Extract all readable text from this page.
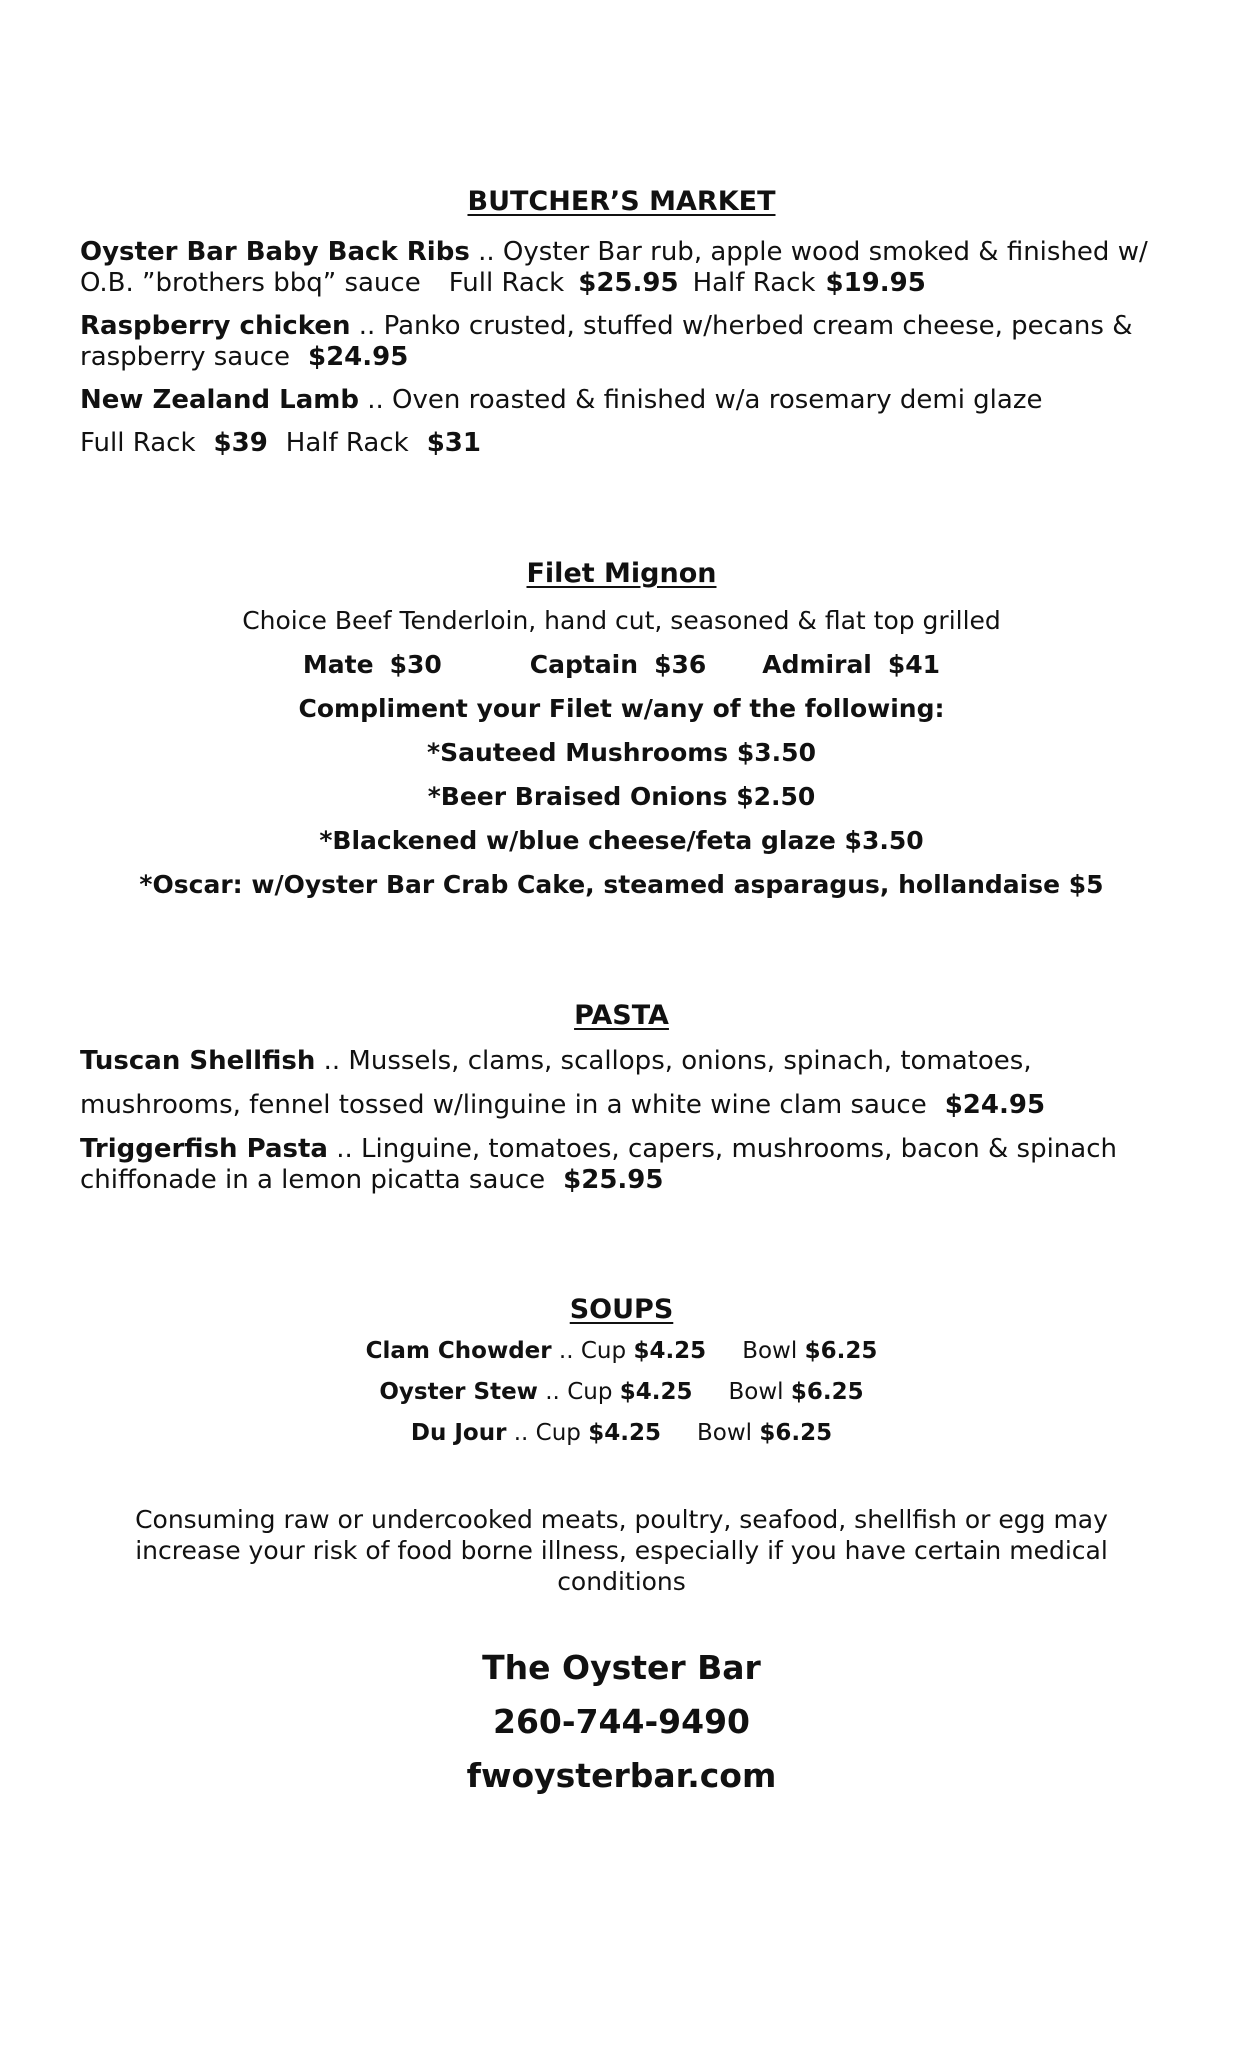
BUTCHER’S MARKET
Oyster Bar Baby Back Ribs .. Oyster Bar rub, apple wood smoked & finished w/
O.B. ”brothers bbq” sauce Full Rack $25.95 Half Rack $19.95
Raspberry chicken .. Panko crusted, stuffed w/herbed cream cheese, pecans &
raspberry sauce $24.95
New Zealand Lamb .. Oven roasted & finished w/a rosemary demi glaze
Full Rack $39 Half Rack $31
Filet Mignon
Choice Beef Tenderloin, hand cut, seasoned & flat top grilled
Mate $30	Captain $36 Admiral $41
Compliment your Filet w/any of the following:
*Sauteed Mushrooms $3.50
*Beer Braised Onions $2.50
*Blackened w/blue cheese/feta glaze $3.50
*Oscar: w/Oyster Bar Crab Cake, steamed asparagus, hollandaise $5
PASTA
Tuscan Shellfish .. Mussels, clams, scallops, onions, spinach, tomatoes,
mushrooms, fennel tossed w/linguine in a white wine clam sauce $24.95
Triggerfish Pasta .. Linguine, tomatoes, capers, mushrooms, bacon & spinach
chiffonade in a lemon picatta sauce $25.95
SOUPS
Clam Chowder .. Cup $4.25 Bowl $6.25
Oyster Stew .. Cup $4.25 Bowl $6.25
Du Jour .. Cup $4.25 Bowl $6.25
Consuming raw or undercooked meats, poultry, seafood, shellfish or egg may
increase your risk of food borne illness, especially if you have certain medical
conditions
The Oyster Bar
260-744-9490
fwoysterbar.com
